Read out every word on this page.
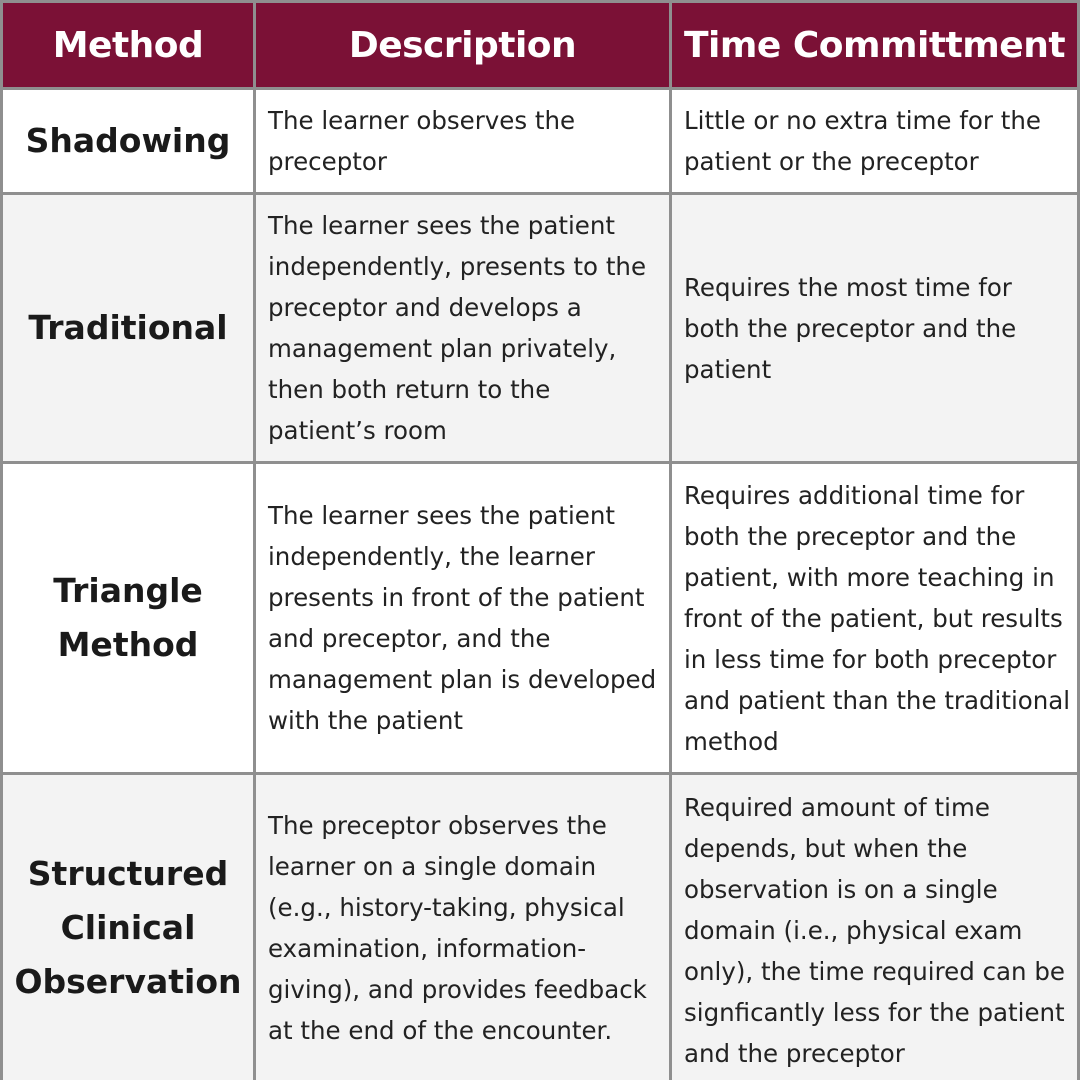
Method	Description	Time Committment
Shadowing
The learner observes the preceptor
Little or no extra time for the patient or the preceptor
Traditional
The learner sees the patient independently, presents to the preceptor and develops a management plan privately, then both return to the patient’s room
Requires the most time for both the preceptor and the patient
Triangle
Method
The learner sees the patient independently, the learner presents in front of the patient and preceptor, and the management plan is developed with the patient
Requires additional time for both the preceptor and the patient, with more teaching in front of the patient, but results in less time for both preceptor and patient than the traditional method
Structured
Clinical
Observation
The preceptor observes the learner on a single domain (e.g., history-taking, physical examination, information-giving), and provides feedback at the end of the encounter.
Required amount of time depends, but when the observation is on a single domain (i.e., physical exam only), the time required can be signficantly less for the patient and the preceptor
